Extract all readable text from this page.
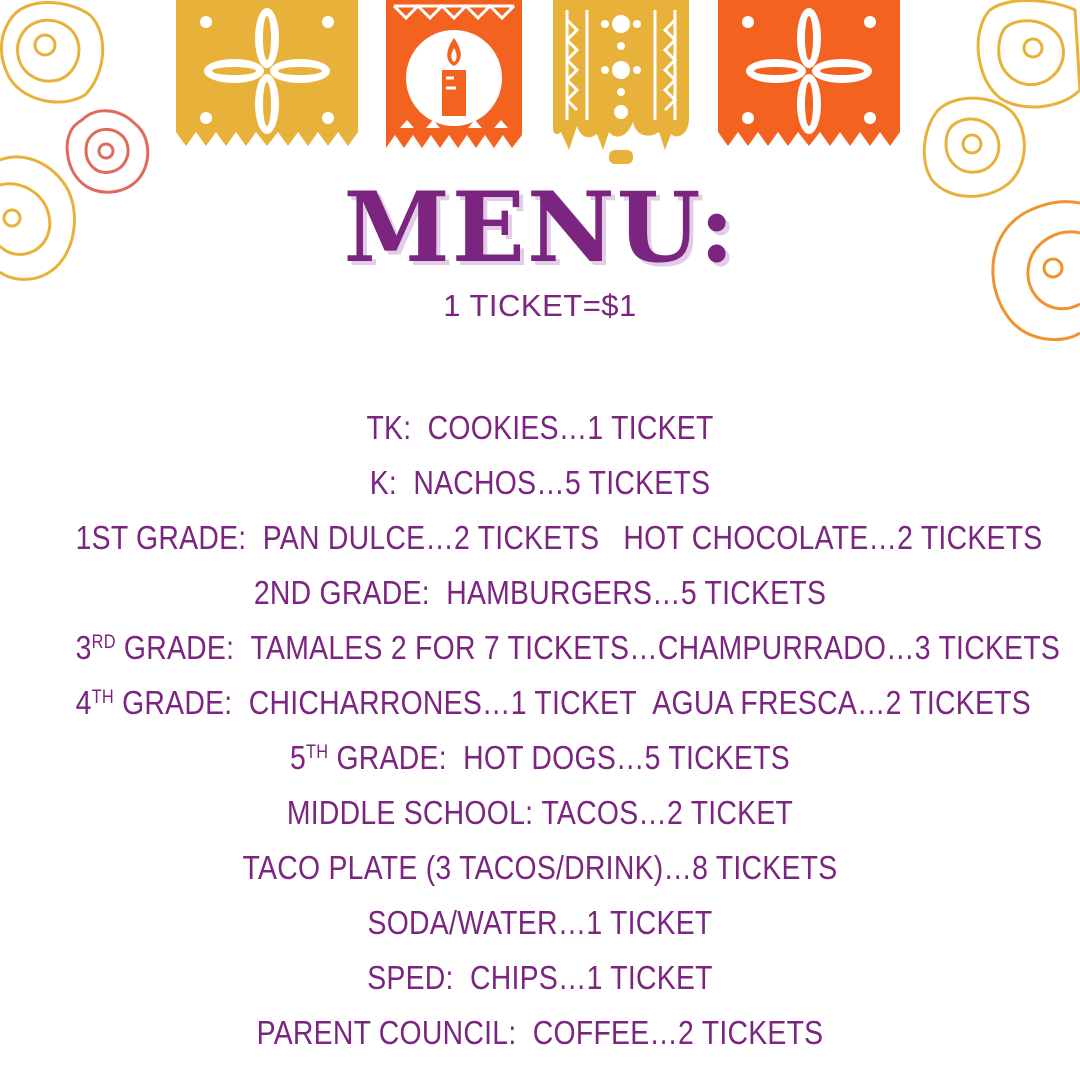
MENU:
1 TICKET=$1
TK: COOKIES…1 TICKET
K: NACHOS…5 TICKETS
1ST GRADE: PAN DULCE…2 TICKETS HOT CHOCOLATE…2 TICKETS
2ND GRADE: HAMBURGERS…5 TICKETS
3RD GRADE: TAMALES 2 FOR 7 TICKETS…CHAMPURRADO…3 TICKETS
4TH GRADE: CHICHARRONES…1 TICKET AGUA FRESCA…2 TICKETS
5TH GRADE: HOT DOGS…5 TICKETS
MIDDLE SCHOOL: TACOS…2 TICKET
TACO PLATE (3 TACOS/DRINK)…8 TICKETS
SODA/WATER…1 TICKET
SPED: CHIPS…1 TICKET
PARENT COUNCIL: COFFEE…2 TICKETS
